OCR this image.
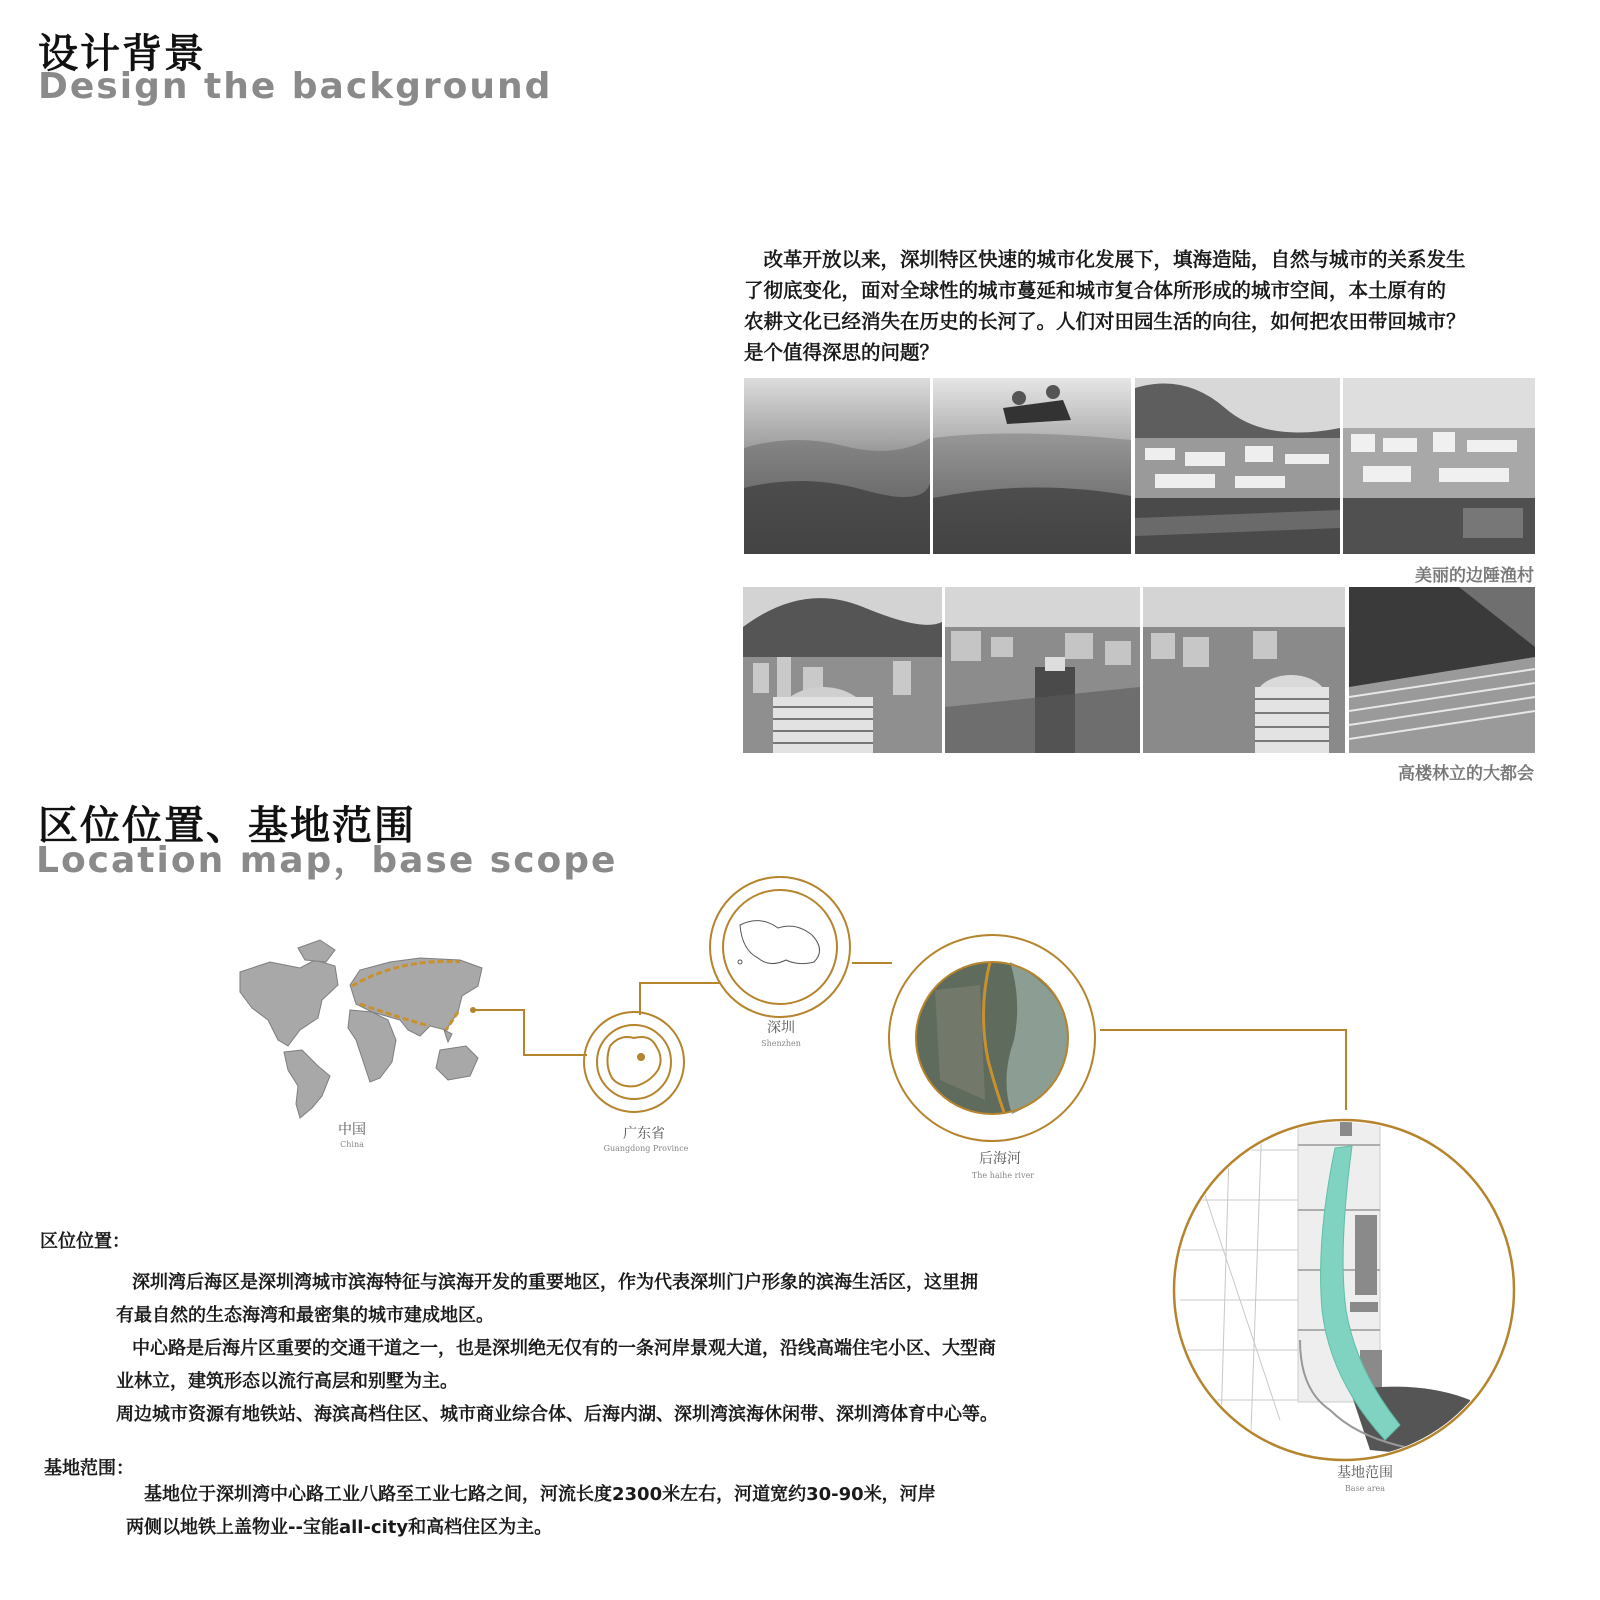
设计背景
Design the background
　改革开放以来，深圳特区快速的城市化发展下，填海造陆，自然与城市的关系发生
了彻底变化，面对全球性的城市蔓延和城市复合体所形成的城市空间，本土原有的
农耕文化已经消失在历史的长河了。人们对田园生活的向往，如何把农田带回城市？
是个值得深思的问题？
美丽的边陲渔村
高楼林立的大都会
区位位置、基地范围
Location map，base scope
中国
China
广东省
Guangdong Province
深圳
Shenzhen
后海河
The haihe river
基地范围
Base area
区位位置：
深圳湾后海区是深圳湾城市滨海特征与滨海开发的重要地区，作为代表深圳门户形象的滨海生活区，这里拥
有最自然的生态海湾和最密集的城市建成地区。
中心路是后海片区重要的交通干道之一，也是深圳绝无仅有的一条河岸景观大道，沿线高端住宅小区、大型商
业林立，建筑形态以流行高层和别墅为主。
周边城市资源有地铁站、海滨高档住区、城市商业综合体、后海内湖、深圳湾滨海休闲带、深圳湾体育中心等。
基地范围：
基地位于深圳湾中心路工业八路至工业七路之间，河流长度2300米左右，河道宽约30-90米，河岸
两侧以地铁上盖物业--宝能all-city和高档住区为主。
